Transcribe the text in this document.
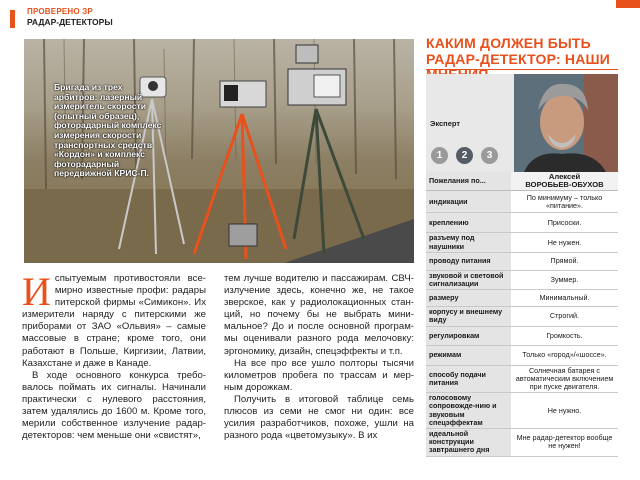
ПРОВЕРЕНО ЗР
РАДАР-ДЕТЕКТОРЫ
Бригада из трех арбитров: лазерный измеритель скорости (опытный образец), фоторадарный комплекс измерения скорости транспортных средств «Кордон» и комплекс фоторадарный передвижной КРИС-П.

Испытуемым противостояли все-мирно известные профи: радары питерской фирмы «Симикон». Их измерители наряду с питерскими же приборами от ЗАО «Ольвия» – самые массовые в стране; кроме того, они работают в Польше, Киргизии, Латвии, Казахстане и даже в Канаде.

В ходе основного конкурса требо-валось поймать их сигналы. Начинали практически с нулевого расстояния, затем удалялись до 1600 м. Кроме того, мерили собственное излучение радар-детекторов: чем меньше они «свистят»,

тем лучше водителю и пассажирам. СВЧ-излучение здесь, конечно же, не такое зверское, как у радиолокационных стан-ций, но почему бы не выбрать мини-мальное? До и после основной програм-мы оценивали разного рода мелочовку: эргономику, дизайн, спецэффекты и т.п.

На все про все ушло полторы тысячи километров пробега по трассам и мер-ным дорожкам.

Получить в итоговой таблице семь плюсов из семи не смог ни один: все усилия разработчиков, похоже, ушли на разного рода «цветомузыку». В их

КАКИМ ДОЛЖЕН БЫТЬ
РАДАР-ДЕТЕКТОР: НАШИ
Эксперт
1	2	3
Пожелания по...	Алексей
ВОРОБЬЕВ-ОБУХОВ

индикации	По минимуму – только «питание».
креплению	Присоски.
разъему под наушники	Не нужен.
проводу питания	Прямой.
звуковой и световой сигнализации	Зуммер.
размеру	Минимальный.
корпусу и внешнему виду	Строгий.
регулировкам	Громкость.
режимам	Только «город»/«шоссе».
способу подачи питания	Солнечная батарея с автоматическим включением при пуске двигателя.
голосовому сопровожде-нию и звуковым спецэффектам	Не нужно.
идеальной конструкции завтрашнего дня	Мне радар-детектор вообще не нужен!
